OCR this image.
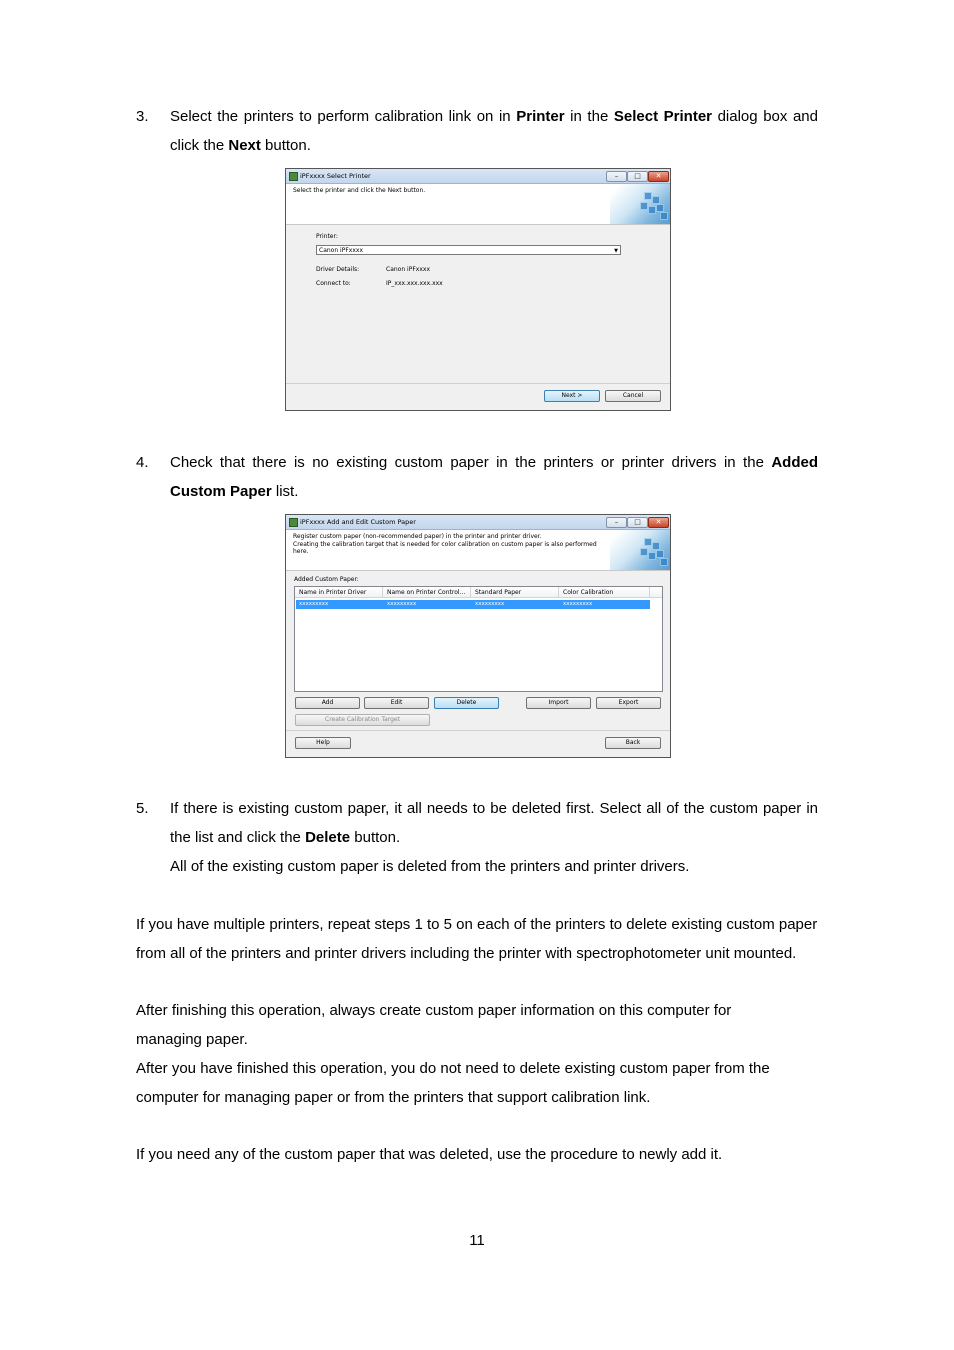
3. Select the printers to perform calibration link on in Printer in the Select Printer dialog box and click the Next button.
iPFxxxx Select Printer	–	□	✕
Select the printer and click the Next button.
Printer:
Canon iPFxxxx	▼
Driver Details:	Canon iPFxxxx
Connect to:	IP_xxx.xxx.xxx.xxx
Next >	Cancel
4. Check that there is no existing custom paper in the printers or printer drivers in the Added Custom Paper list.
iPFxxxx Add and Edit Custom Paper	–	□	✕
Register custom paper (non-recommended paper) in the printer and printer driver.
Creating the calibration target that is needed for color calibration on custom paper is also performed here.
Added Custom Paper:
Name in Printer Driver	Name on Printer Control...	Standard Paper	Color Calibration
xxxxxxxxx	xxxxxxxxx	xxxxxxxxx	xxxxxxxxx
Add	Edit	Delete	Import	Export
Create Calibration Target
Help	Back
5. If there is existing custom paper, it all needs to be deleted first. Select all of the custom paper in the list and click the Delete button.
All of the existing custom paper is deleted from the printers and printer drivers.

If you have multiple printers, repeat steps 1 to 5 on each of the printers to delete existing custom paper from all of the printers and printer drivers including the printer with spectrophotometer unit mounted.

After finishing this operation, always create custom paper information on this computer for managing paper.

After you have finished this operation, you do not need to delete existing custom paper from the computer for managing paper or from the printers that support calibration link.

If you need any of the custom paper that was deleted, use the procedure to newly add it.

11
